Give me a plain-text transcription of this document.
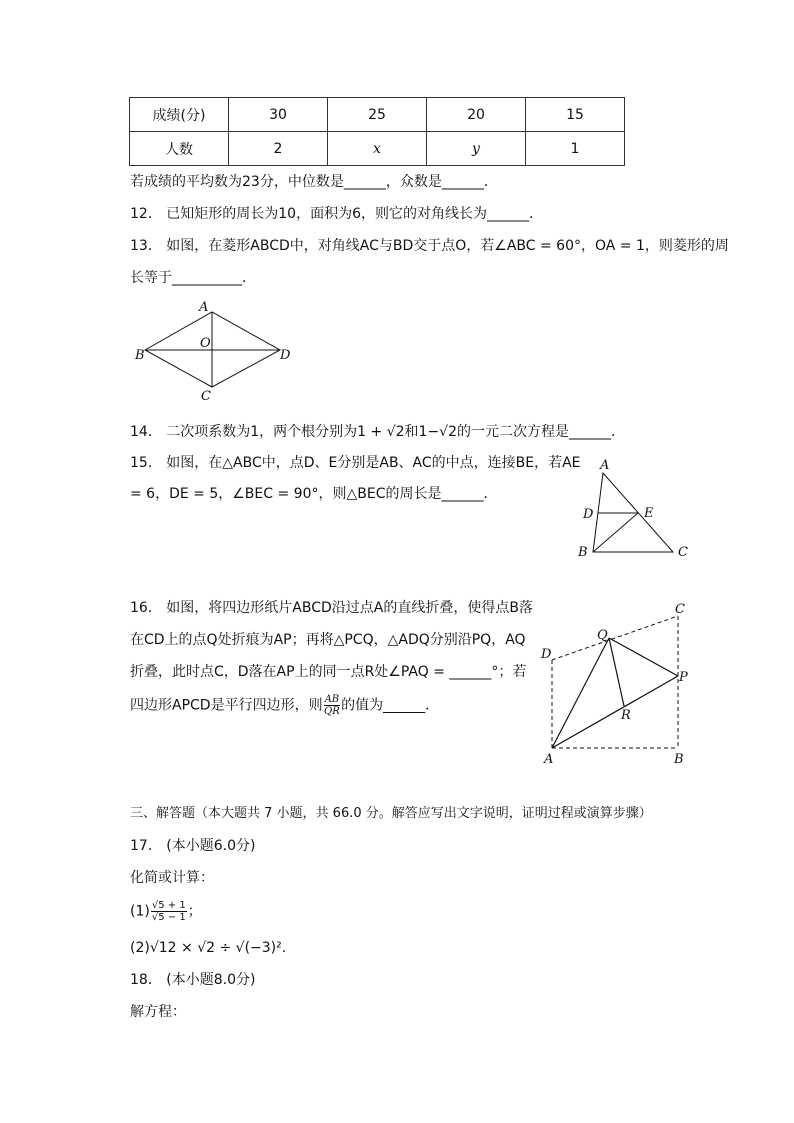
成绩(分)	30	25	20	15
人数	2	x	y	1
若成绩的平均数为23分，中位数是______，众数是______．
12． 已知矩形的周长为10，面积为6，则它的对角线长为______．
13． 如图，在菱形ABCD中，对角线AC与BD交于点O，若∠ABC = 60°，OA = 1，则菱形的周
长等于__________．
A
B
C
D
O
14． 二次项系数为1，两个根分别为1 + √2和1−√2的一元二次方程是______．
15． 如图，在△ABC中，点D、E分别是AB、AC的中点，连接BE，若AE
= 6，DE = 5，∠BEC = 90°，则△BEC的周长是______．
A
B	C
D	E
16． 如图，将四边形纸片ABCD沿过点A的直线折叠，使得点B落
在CD上的点Q处折痕为AP；再将△PCQ，△ADQ分别沿PQ，AQ
折叠，此时点C，D落在AP上的同一点R处∠PAQ = ______°；若
四边形APCD是平行四边形，则 $\frac{AB}{QR}$ 的值为______．
A	B
C
D
P
Q
R
三、解答题（本大题共 7 小题，共 66.0 分。解答应写出文字说明，证明过程或演算步骤）
17． (本小题6.0分)
化简或计算：
$(1) \frac{√5 + 1}{√5 - 1}$ ；
(2)√12 × √2 ÷ √(−3)².
18． (本小题8.0分)
解方程：
